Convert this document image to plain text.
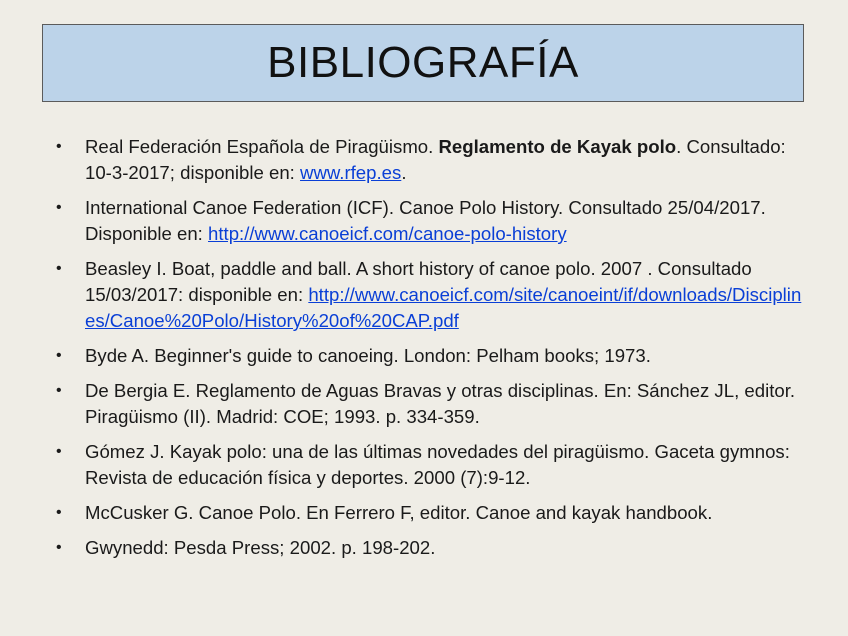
BIBLIOGRAFÍA
• Real Federación Española de Piragüismo. Reglamento de Kayak polo. Consultado: 10-3-2017; disponible en: www.rfep.es.
• International Canoe Federation (ICF). Canoe Polo History. Consultado 25/04/2017. Disponible en: http://www.canoeicf.com/canoe-polo-history
• Beasley I. Boat, paddle and ball. A short history of canoe polo. 2007 . Consultado 15/03/2017: disponible en: http://www.canoeicf.com/site/canoeint/if/downloads/Disciplines/Canoe%20Polo/History%20of%20CAP.pdf
• Byde A. Beginner's guide to canoeing. London: Pelham books; 1973.
• De Bergia E. Reglamento de Aguas Bravas y otras disciplinas. En: Sánchez JL, editor. Piragüismo (II). Madrid: COE; 1993. p. 334-359.
• Gómez J. Kayak polo: una de las últimas novedades del piragüismo. Gaceta gymnos: Revista de educación física y deportes. 2000 (7):9-12.
• McCusker G. Canoe Polo. En Ferrero F, editor. Canoe and kayak handbook.
• Gwynedd: Pesda Press; 2002. p. 198-202.
